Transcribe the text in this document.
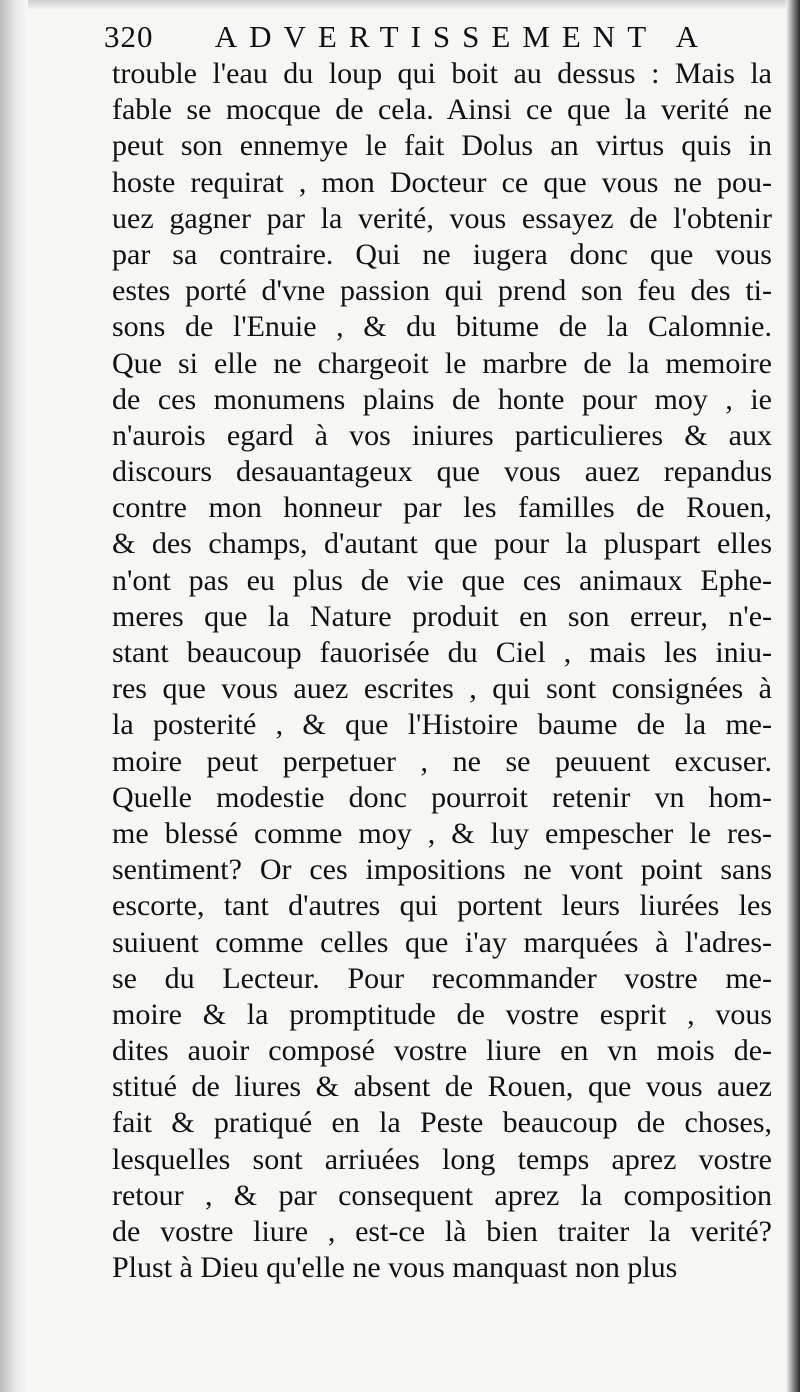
320 ADVERTISSEMENT A
trouble l'eau du loup qui boit au dessus : Mais la
fable se mocque de cela. Ainsi ce que la verité ne
peut son ennemye le fait Dolus an virtus quis in
hoste requirat , mon Docteur ce que vous ne pou-
uez gagner par la verité, vous essayez de l'obtenir
par sa contraire. Qui ne iugera donc que vous
estes porté d'vne passion qui prend son feu des ti-
sons de l'Enuie , & du bitume de la Calomnie.
Que si elle ne chargeoit le marbre de la memoire
de ces monumens plains de honte pour moy , ie
n'aurois egard à vos iniures particulieres & aux
discours desauantageux que vous auez repandus
contre mon honneur par les familles de Rouen,
& des champs, d'autant que pour la pluspart elles
n'ont pas eu plus de vie que ces animaux Ephe-
meres que la Nature produit en son erreur, n'e-
stant beaucoup fauorisée du Ciel , mais les iniu-
res que vous auez escrites , qui sont consignées à
la posterité , & que l'Histoire baume de la me-
moire peut perpetuer , ne se peuuent excuser.
Quelle modestie donc pourroit retenir vn hom-
me blessé comme moy , & luy empescher le res-
sentiment? Or ces impositions ne vont point sans
escorte, tant d'autres qui portent leurs liurées les
suiuent comme celles que i'ay marquées à l'adres-
se du Lecteur. Pour recommander vostre me-
moire & la promptitude de vostre esprit , vous
dites auoir composé vostre liure en vn mois de-
stitué de liures & absent de Rouen, que vous auez
fait & pratiqué en la Peste beaucoup de choses,
lesquelles sont arriuées long temps aprez vostre
retour , & par consequent aprez la composition
de vostre liure , est-ce là bien traiter la verité?
Plust à Dieu qu'elle ne vous manquast non plus
